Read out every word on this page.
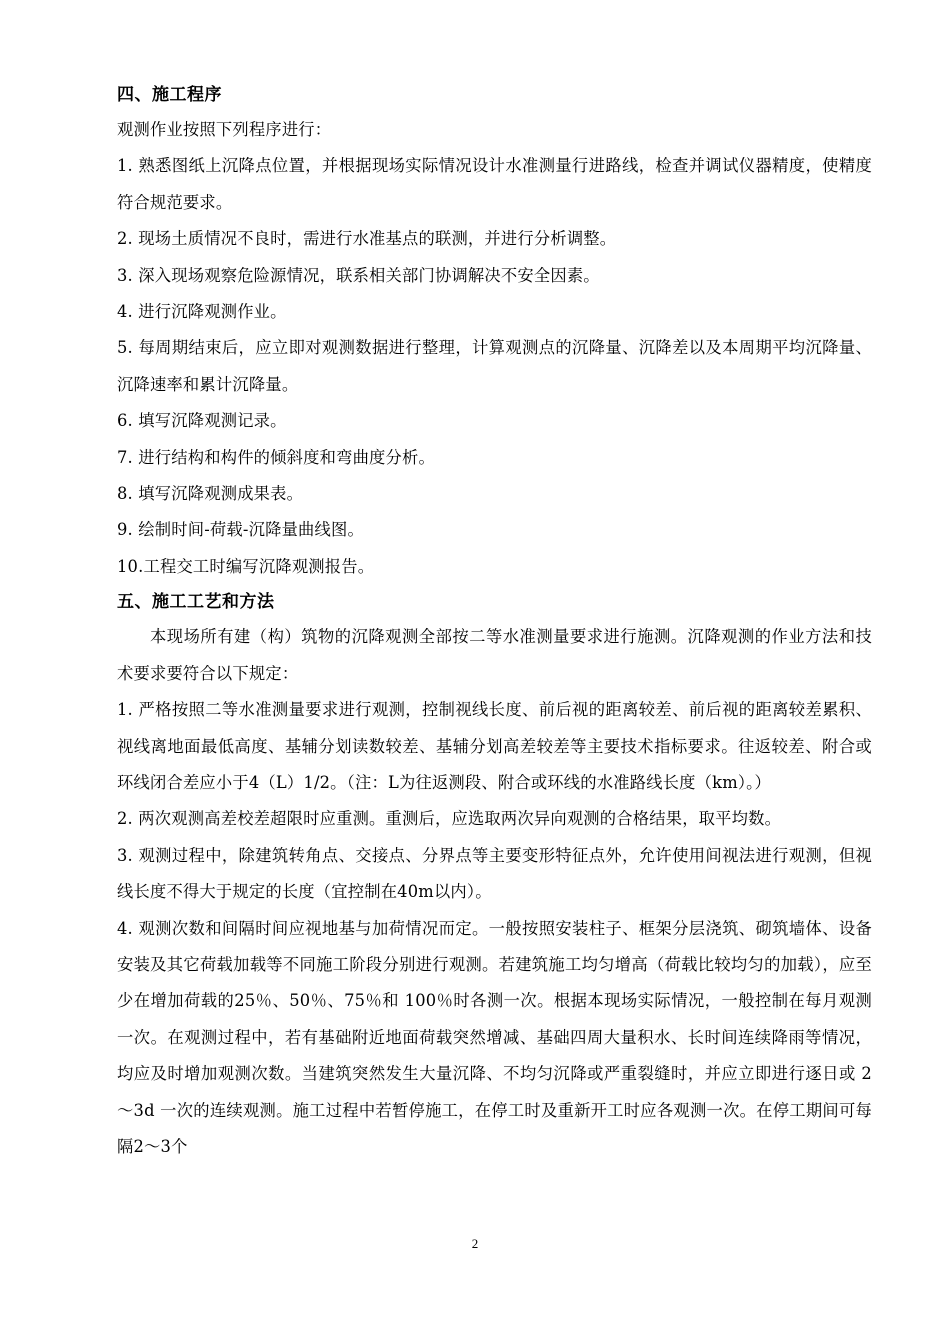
四、施工程序
观测作业按照下列程序进行：
1. 熟悉图纸上沉降点位置，并根据现场实际情况设计水准测量行进路线，检查并调试仪器精度，使精度符合规范要求。
2. 现场土质情况不良时，需进行水准基点的联测，并进行分析调整。
3. 深入现场观察危险源情况，联系相关部门协调解决不安全因素。
4. 进行沉降观测作业。
5. 每周期结束后，应立即对观测数据进行整理，计算观测点的沉降量、沉降差以及本周期平均沉降量、沉降速率和累计沉降量。
6. 填写沉降观测记录。
7. 进行结构和构件的倾斜度和弯曲度分析。
8. 填写沉降观测成果表。
9. 绘制时间-荷载-沉降量曲线图。
10.工程交工时编写沉降观测报告。
五、施工工艺和方法
本现场所有建（构）筑物的沉降观测全部按二等水准测量要求进行施测。沉降观测的作业方法和技术要求要符合以下规定：
1. 严格按照二等水准测量要求进行观测，控制视线长度、前后视的距离较差、前后视的距离较差累积、视线离地面最低高度、基辅分划读数较差、基辅分划高差较差等主要技术指标要求。往返较差、附合或环线闭合差应小于4（L）1/2。（注：L为往返测段、附合或环线的水准路线长度（km）。）
2. 两次观测高差校差超限时应重测。重测后，应选取两次异向观测的合格结果，取平均数。
3. 观测过程中，除建筑转角点、交接点、分界点等主要变形特征点外，允许使用间视法进行观测，但视线长度不得大于规定的长度（宜控制在40m以内）。
4. 观测次数和间隔时间应视地基与加荷情况而定。一般按照安装柱子、框架分层浇筑、砌筑墙体、设备安装及其它荷载加载等不同施工阶段分别进行观测。若建筑施工均匀增高（荷载比较均匀的加载），应至少在增加荷载的25％、50％、75％和 100％时各测一次。根据本现场实际情况，一般控制在每月观测一次。在观测过程中，若有基础附近地面荷载突然增减、基础四周大量积水、长时间连续降雨等情况，均应及时增加观测次数。当建筑突然发生大量沉降、不均匀沉降或严重裂缝时，并应立即进行逐日或 2～3d 一次的连续观测。施工过程中若暂停施工，在停工时及重新开工时应各观测一次。在停工期间可每隔2～3个
2
